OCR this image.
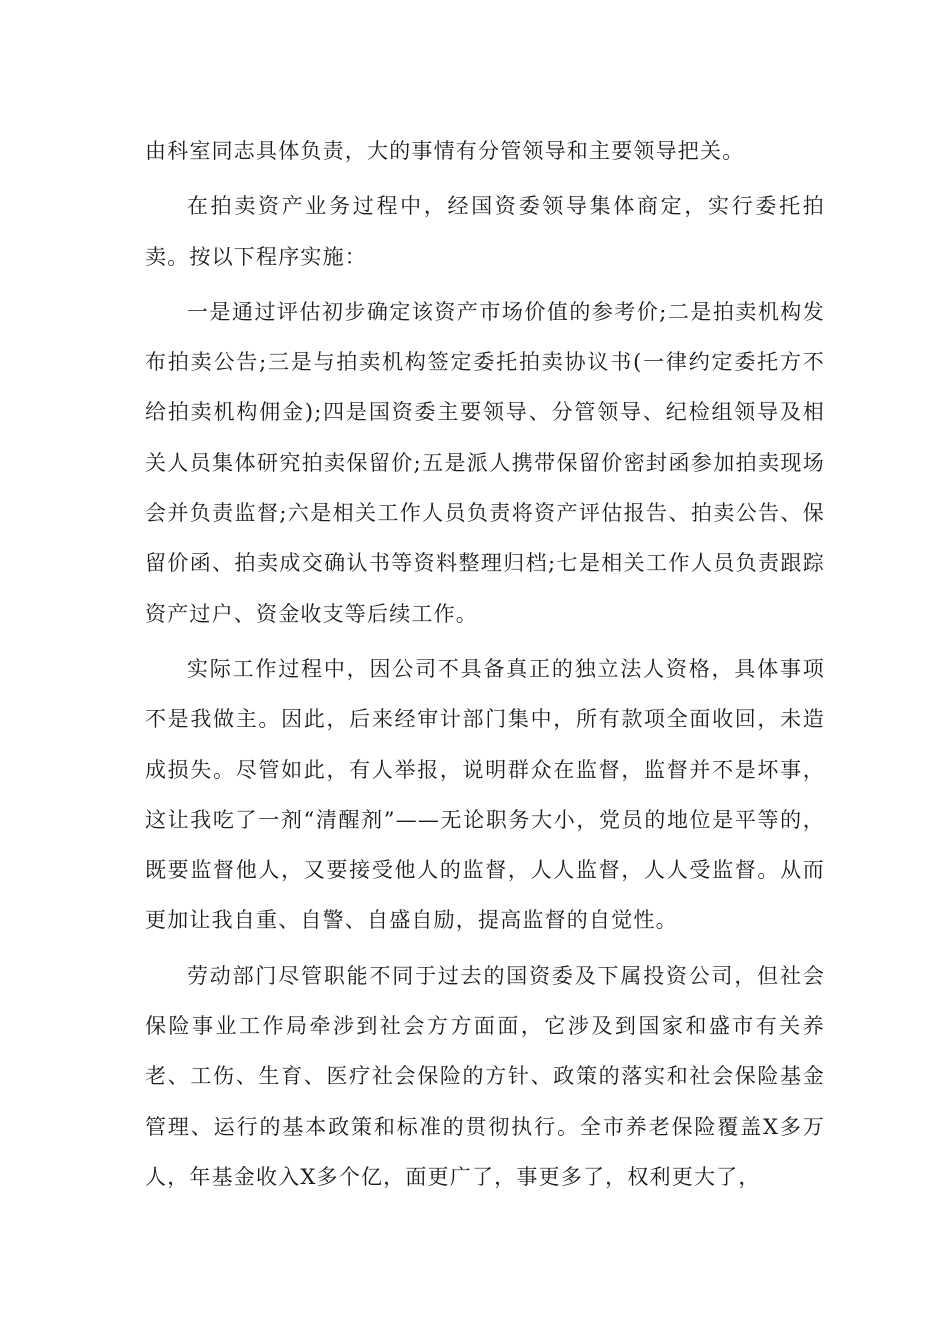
由科室同志具体负责，大的事情有分管领导和主要领导把关。

在拍卖资产业务过程中，经国资委领导集体商定，实行委托拍卖。按以下程序实施：

一是通过评估初步确定该资产市场价值的参考价;二是拍卖机构发布拍卖公告;三是与拍卖机构签定委托拍卖协议书(一律约定委托方不给拍卖机构佣金);四是国资委主要领导、分管领导、纪检组领导及相关人员集体研究拍卖保留价;五是派人携带保留价密封函参加拍卖现场会并负责监督;六是相关工作人员负责将资产评估报告、拍卖公告、保留价函、拍卖成交确认书等资料整理归档;七是相关工作人员负责跟踪资产过户、资金收支等后续工作。

实际工作过程中，因公司不具备真正的独立法人资格，具体事项不是我做主。因此，后来经审计部门集中，所有款项全面收回，未造成损失。尽管如此，有人举报，说明群众在监督，监督并不是坏事，这让我吃了一剂“清醒剂”——无论职务大小，党员的地位是平等的，既要监督他人，又要接受他人的监督，人人监督，人人受监督。从而更加让我自重、自警、自盛自励，提高监督的自觉性。

劳动部门尽管职能不同于过去的国资委及下属投资公司，但社会保险事业工作局牵涉到社会方方面面，它涉及到国家和盛市有关养老、工伤、生育、医疗社会保险的方针、政策的落实和社会保险基金管理、运行的基本政策和标准的贯彻执行。全市养老保险覆盖X多万人，年基金收入X多个亿，面更广了，事更多了，权利更大了，
